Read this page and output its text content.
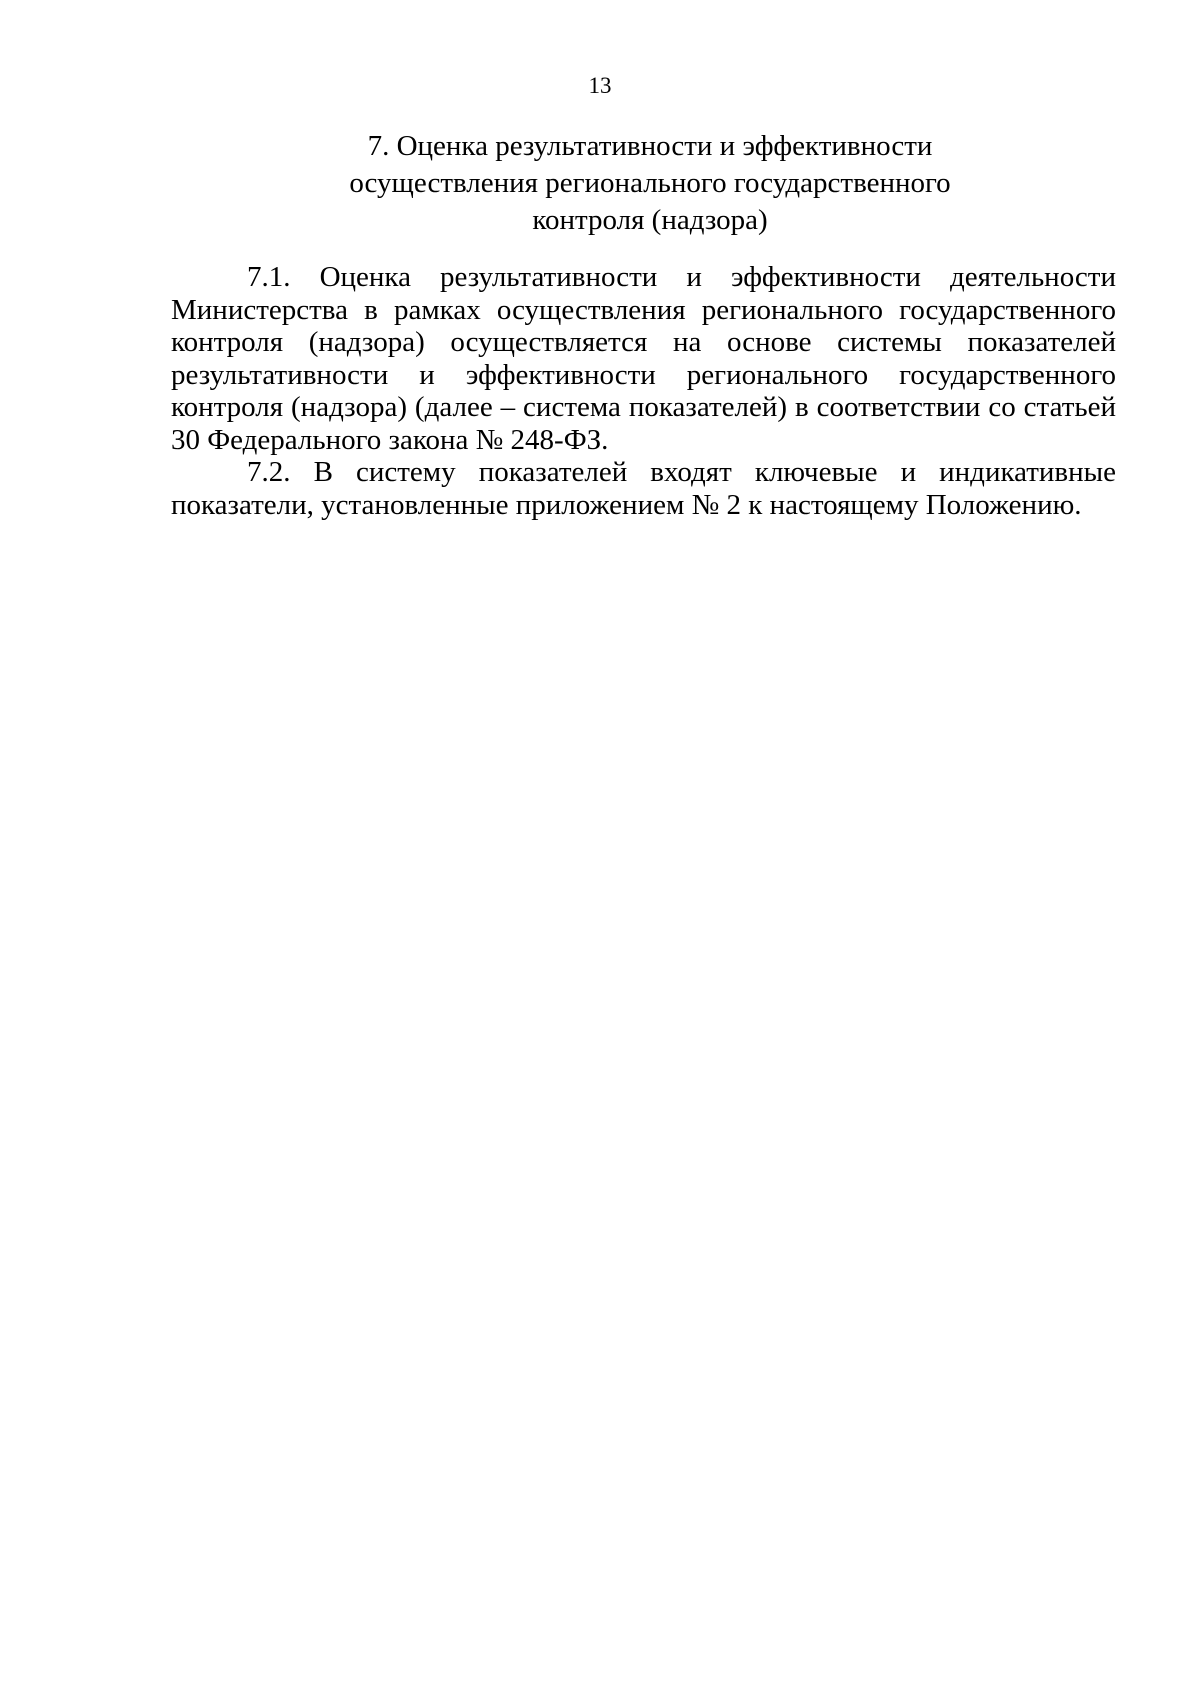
13
7. Оценка результативности и эффективности
осуществления регионального государственного
контроля (надзора)

7.1. Оценка результативности и эффективности деятельности Министерства в рамках осуществления регионального государственного контроля (надзора) осуществляется на основе системы показателей результативности и эффективности регионального государственного контроля (надзора) (далее – система показателей) в соответствии со статьей 30 Федерального закона № 248-ФЗ.

7.2. В систему показателей входят ключевые и индикативные показатели, установленные приложением № 2 к настоящему Положению.
